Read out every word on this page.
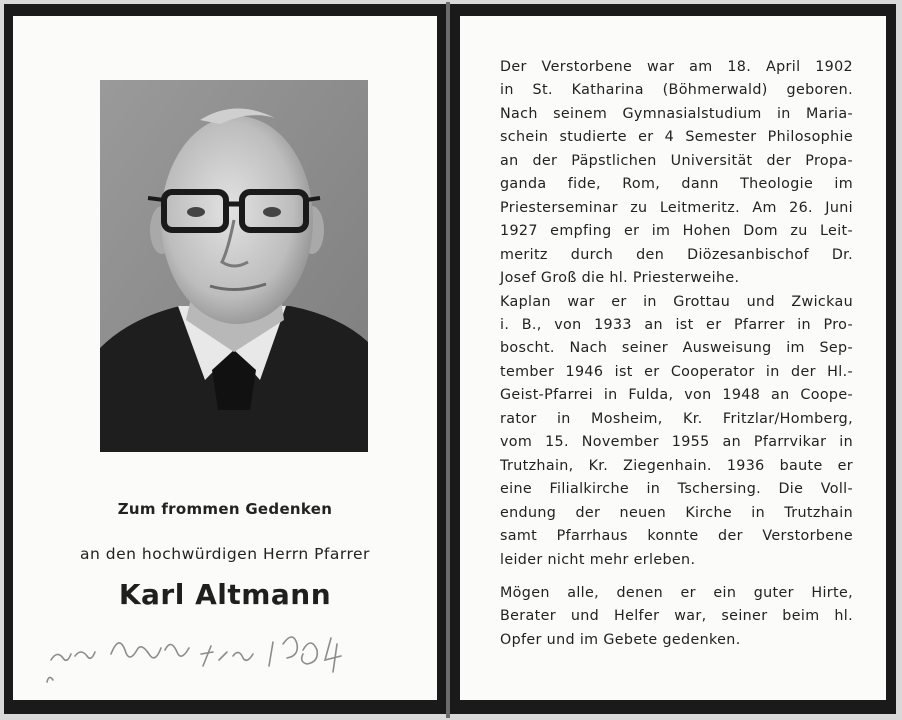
Zum frommen Gedenken
an den hochwürdigen Herrn Pfarrer
Karl Altmann
Der Verstorbene war am 18. April 1902
in St. Katharina (Böhmerwald) geboren.
Nach seinem Gymnasialstudium in Maria-
schein studierte er 4 Semester Philosophie
an der Päpstlichen Universität der Propa-
ganda fide, Rom, dann Theologie im
Priesterseminar zu Leitmeritz. Am 26. Juni
1927 empfing er im Hohen Dom zu Leit-
meritz durch den Diözesanbischof Dr.
Josef Groß die hl. Priesterweihe.
Kaplan war er in Grottau und Zwickau
i. B., von 1933 an ist er Pfarrer in Pro-
boscht. Nach seiner Ausweisung im Sep-
tember 1946 ist er Cooperator in der Hl.-
Geist-Pfarrei in Fulda, von 1948 an Coope-
rator in Mosheim, Kr. Fritzlar/Homberg,
vom 15. November 1955 an Pfarrvikar in
Trutzhain, Kr. Ziegenhain. 1936 baute er
eine Filialkirche in Tschersing. Die Voll-
endung der neuen Kirche in Trutzhain
samt Pfarrhaus konnte der Verstorbene
leider nicht mehr erleben.
Mögen alle, denen er ein guter Hirte,
Berater und Helfer war, seiner beim hl.
Opfer und im Gebete gedenken.
